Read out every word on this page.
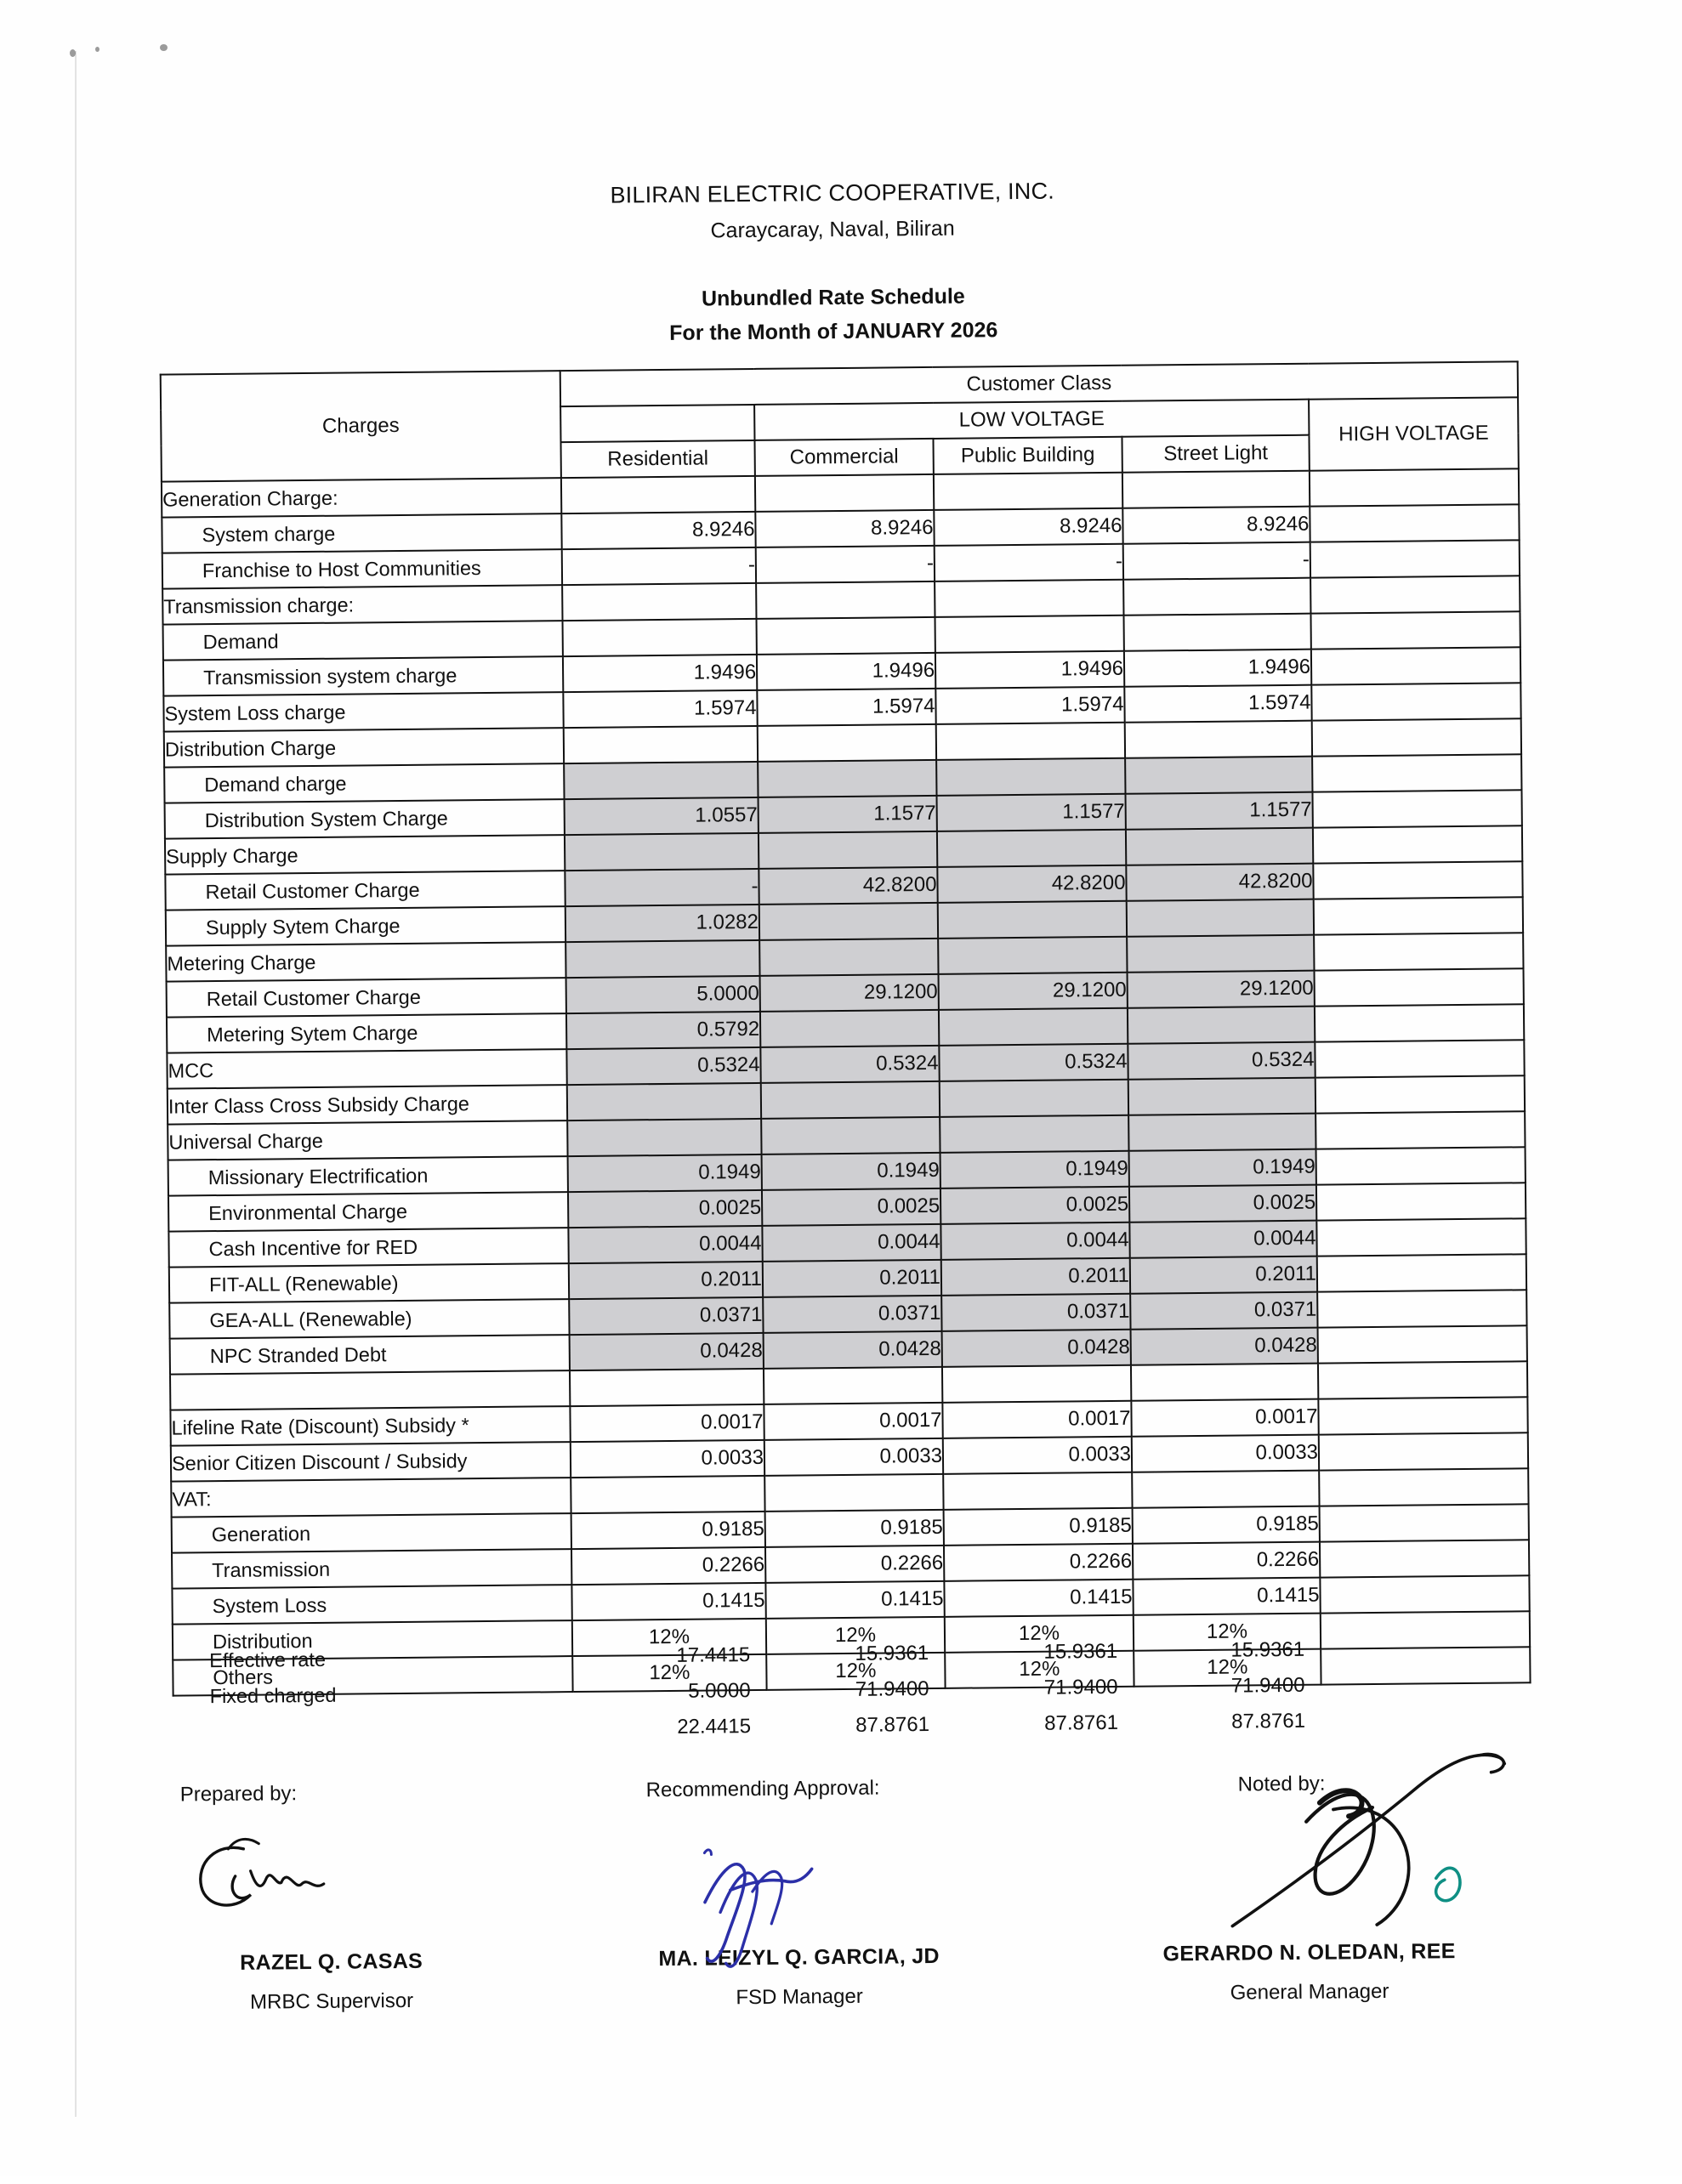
BILIRAN ELECTRIC COOPERATIVE, INC.
Caraycaray, Naval, Biliran
Unbundled Rate Schedule
For the Month of JANUARY 2026
Charges	Customer Class				
		LOW VOLTAGE			HIGH VOLTAGE
	Residential	Commercial	Public Building	Street Light	
Generation Charge:					
System charge	8.9246	8.9246	8.9246	8.9246	
Franchise to Host Communities	-	-	-	-	
Transmission charge:					
Demand					
Transmission system charge	1.9496	1.9496	1.9496	1.9496	
System Loss charge	1.5974	1.5974	1.5974	1.5974	
Distribution Charge					
Demand charge					
Distribution System Charge	1.0557	1.1577	1.1577	1.1577	
Supply Charge					
Retail Customer Charge	-	42.8200	42.8200	42.8200	
Supply Sytem Charge	1.0282				
Metering Charge					
Retail Customer Charge	5.0000	29.1200	29.1200	29.1200	
Metering Sytem Charge	0.5792				
MCC	0.5324	0.5324	0.5324	0.5324	
Inter Class Cross Subsidy Charge					
Universal Charge					
Missionary Electrification	0.1949	0.1949	0.1949	0.1949	
Environmental Charge	0.0025	0.0025	0.0025	0.0025	
Cash Incentive for RED	0.0044	0.0044	0.0044	0.0044	
FIT-ALL (Renewable)	0.2011	0.2011	0.2011	0.2011	
GEA-ALL (Renewable)	0.0371	0.0371	0.0371	0.0371	
NPC Stranded Debt	0.0428	0.0428	0.0428	0.0428	

Lifeline Rate (Discount) Subsidy *	0.0017	0.0017	0.0017	0.0017	
Senior Citizen Discount / Subsidy	0.0033	0.0033	0.0033	0.0033	
VAT:					
Generation	0.9185	0.9185	0.9185	0.9185	
Transmission	0.2266	0.2266	0.2266	0.2266	
System Loss	0.1415	0.1415	0.1415	0.1415	
Distribution	12%	12%	12%	12%	
Others	12%	12%	12%	12%	
Effective rate	17.4415	15.9361	15.9361	15.9361	
Fixed charged	5.0000	71.9400	71.9400	71.9400	
	22.4415	87.8761	87.8761	87.8761	
Prepared by:
RAZEL Q. CASAS
MRBC Supervisor
Recommending Approval:
MA. LEIZYL Q. GARCIA, JD
FSD Manager
Noted by:
GERARDO N. OLEDAN, REE
General Manager
